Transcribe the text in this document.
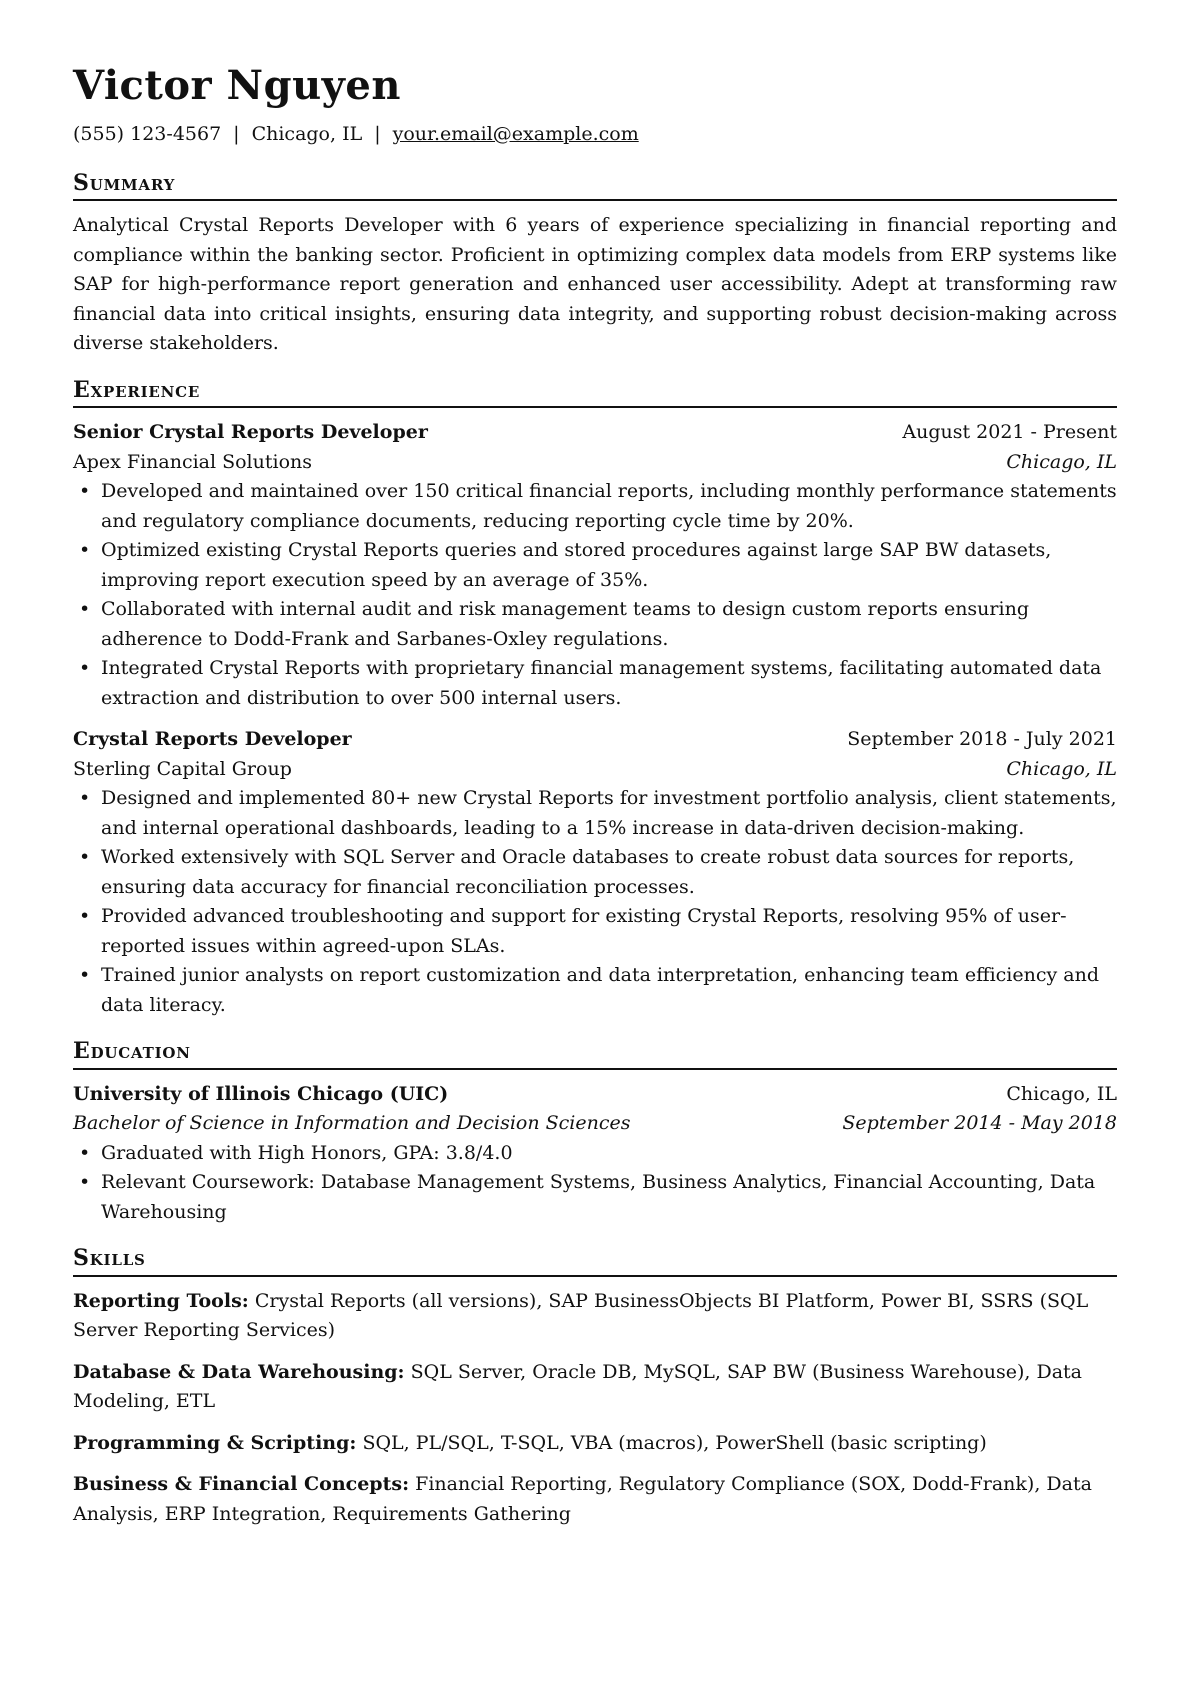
Victor Nguyen
(555) 123-4567 | Chicago, IL | your.email@example.com
Summary

Analytical Crystal Reports Developer with 6 years of experience specializing in financial reporting and compliance within the banking sector. Proficient in optimizing complex data models from ERP systems like SAP for high-performance report generation and enhanced user accessibility. Adept at transforming raw financial data into critical insights, ensuring data integrity, and supporting robust decision-making across diverse stakeholders.

Experience
Senior Crystal Reports Developer	August 2021 - Present
Apex Financial Solutions	Chicago, IL
• Developed and maintained over 150 critical financial reports, including monthly performance statements and regulatory compliance documents, reducing reporting cycle time by 20%.
• Optimized existing Crystal Reports queries and stored procedures against large SAP BW datasets, improving report execution speed by an average of 35%.
• Collaborated with internal audit and risk management teams to design custom reports ensuring adherence to Dodd-Frank and Sarbanes-Oxley regulations.
• Integrated Crystal Reports with proprietary financial management systems, facilitating automated data extraction and distribution to over 500 internal users.
Crystal Reports Developer	September 2018 - July 2021
Sterling Capital Group	Chicago, IL
• Designed and implemented 80+ new Crystal Reports for investment portfolio analysis, client statements, and internal operational dashboards, leading to a 15% increase in data-driven decision-making.
• Worked extensively with SQL Server and Oracle databases to create robust data sources for reports, ensuring data accuracy for financial reconciliation processes.
• Provided advanced troubleshooting and support for existing Crystal Reports, resolving 95% of user-reported issues within agreed-upon SLAs.
• Trained junior analysts on report customization and data interpretation, enhancing team efficiency and data literacy.
Education
University of Illinois Chicago (UIC)	Chicago, IL
Bachelor of Science in Information and Decision Sciences	September 2014 - May 2018
• Graduated with High Honors, GPA: 3.8/4.0
• Relevant Coursework: Database Management Systems, Business Analytics, Financial Accounting, Data Warehousing
Skills

Reporting Tools: Crystal Reports (all versions), SAP BusinessObjects BI Platform, Power BI, SSRS (SQL Server Reporting Services)

Database & Data Warehousing: SQL Server, Oracle DB, MySQL, SAP BW (Business Warehouse), Data Modeling, ETL

Programming & Scripting: SQL, PL/SQL, T-SQL, VBA (macros), PowerShell (basic scripting)

Business & Financial Concepts: Financial Reporting, Regulatory Compliance (SOX, Dodd-Frank), Data Analysis, ERP Integration, Requirements Gathering
